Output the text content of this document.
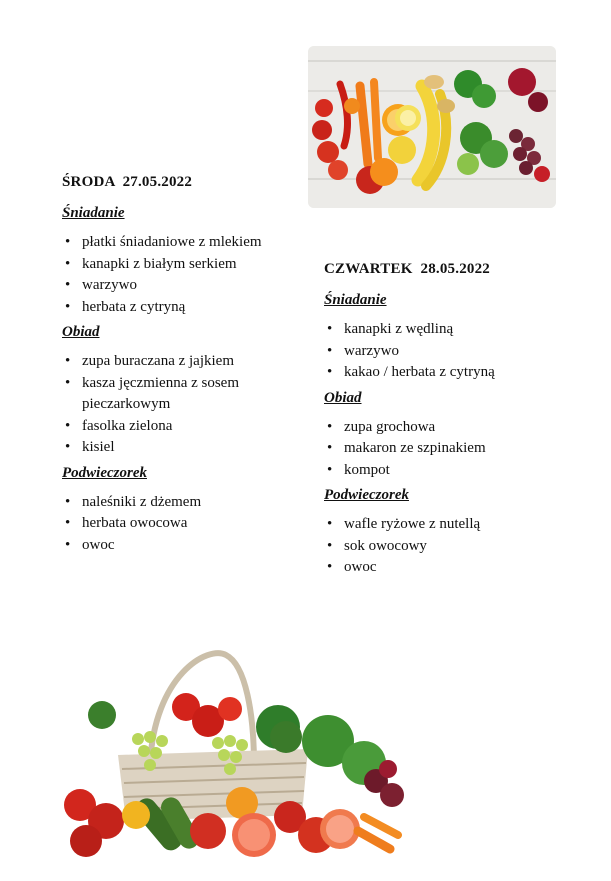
ŚRODA  27.05.2022
Śniadanie
• płatki śniadaniowe z mlekiem
• kanapki z białym serkiem
• warzywo
• herbata z cytryną
Obiad
• zupa buraczana z jajkiem
• kasza jęczmienna z sosem pieczarkowym
• fasolka zielona
• kisiel
Podwieczorek
• naleśniki z dżemem
• herbata owocowa
• owoc
CZWARTEK  28.05.2022
Śniadanie
• kanapki z wędliną
• warzywo
• kakao / herbata z cytryną
Obiad
• zupa grochowa
• makaron ze szpinakiem
• kompot
Podwieczorek
• wafle ryżowe z nutellą
• sok owocowy
• owoc
